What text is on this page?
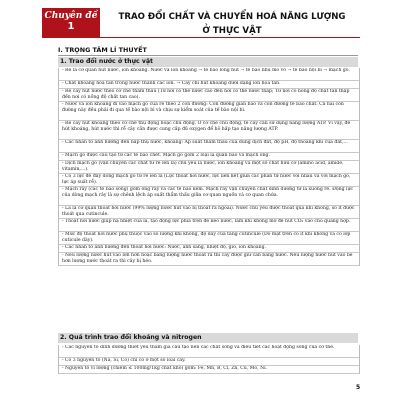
Chuyên đề
1
TRAO ĐỔI CHẤT VÀ CHUYỂN HOÁ NĂNG LƯỢNG
Ở THỰC VẬT
I. TRỌNG TÂM LÍ THUYẾT
1. Trao đổi nước ở thực vật
- Rễ là cơ quan hút nước, ion khoáng. Nước và ion khoáng → tế bào lông hút → tế bào nhu mô vỏ → tế bào nội bì → mạch gỗ.
- Chất khoáng hoà tan trong nước thành các ion. → Cây chỉ hút khoáng dưới dạng ion hoà tan.
- Rễ cây hút nước theo cơ chế thẩm thấu (Từ nơi có thế nước cao đến nơi có thế nước thấp; Từ nơi có nồng độ chất tan thấp đến nơi có nồng độ chất tan cao).
- Nước và ion khoáng đi vào mạch gỗ của rễ theo 2 con đường: Con đường gian bào và con đường tế bào chất. Cả hai con đường này đều phải đi qua tế bào nội bì và chịu sự kiểm soát của tế bào nội bì.
- Rễ cây hút khoáng theo cơ chế thụ động hoặc chủ động. Ở cơ chế chủ động, tế cây cần sử dụng năng lượng ATP. Vì vậy, để hút khoáng, hút nước thì rễ cây cần được cung cấp đủ oxygen để hô hấp tạo năng lượng ATP.
- Các nhân tố ảnh hưởng đến hấp thụ nước, khoáng: Áp suất thẩm thấu của dung dịch đất, độ pH, độ thoáng khí của đất,...
- Mạch gỗ được cấu tạo từ các tế bào chết. Mạch gỗ gồm 2 loại là quản bào và mạch ống.
- Dịch mạch gỗ (vận chuyển các chất từ rễ lên lá) chủ yếu là nước, ion khoáng và một số chất hữu cơ (amino acid, amide, vitamin,...).
- Có 3 lực để đẩy dòng mạch gỗ từ rễ lên lá (Lực thoát hơi nước, lực liên kết giữa các phân tử nước với nhau và với mạch gỗ, lực áp suất rễ).
- Mạch rây (các tế bào sống) gồm ống rây và các tế bào kèm. Mạch rây vận chuyển chất dinh dưỡng từ lá xuống rễ. Động lực của dòng mạch rây là sự chênh lệch áp suất thẩm thấu giữa cơ quan nguồn và cơ quan chứa.
- Lá là cơ quan thoát hơi nước (99% lượng nước hút vào bị thoát ra ngoài). Nước chủ yếu được thoát qua khí khổng, số ít được thoát qua cutincule.
- Thoát hơi nước giúp hạ nhiệt của lá, tạo động lực phía trên để kéo nước, làm khí khổng mở để hút CO₂ vào cho quang hợp.
- Mức độ thoát hơi nước phụ thuộc vào số lượng khí khổng, độ dày của tầng cutincule (Do mặt trên có ít khí khổng và có lớp cuticule dày).
- Các nhân tố ảnh hưởng đến thoát hơi nước: Nước, ánh sáng, nhiệt độ, gió, ion khoáng.
- Nếu lượng nước hút vào lớn hơn hoặc bằng lượng nước thoát ra thì cây được giữ cân bằng nước. Nếu lượng nước hút vào bé hơn lượng nước thoát ra thì cây bị héo.
2. Quá trình trao đổi khoáng và nitrogen
- Các nguyên tố dinh dưỡng thiết yếu tham gia cấu tạo nên các chất sống và điều tiết các hoạt động sống của cơ thể.
- Có 3 nguyên tố (Na, Si, Co) chỉ có ở một số loài cây.
- Nguyên tố vi lượng (chiếm ≤ 100mg/1kg chất khô) gồm: Fe, Mn, B, Cl, Zn, Cu, Mo, Ni.
5
